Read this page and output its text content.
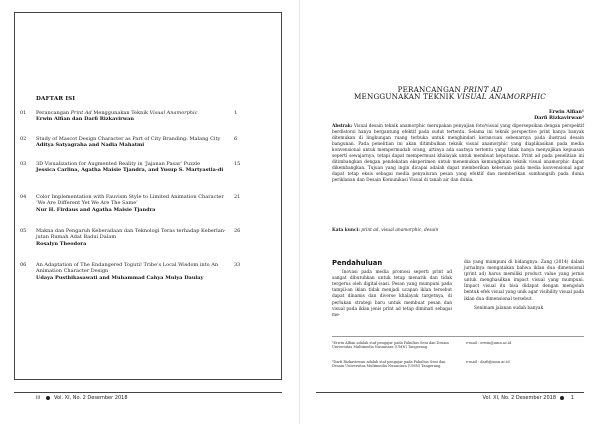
DAFTAR ISI
01	Perancangan Print Ad Menggunakan Teknik Visual Anamorphic
Erwin Alfian dan Darfi Rizkavirwan
1
02	Study of Mascot Design Character as Part of City Branding: Malang City
Aditya Satyagraha and Nadia Mahatmi
6
03	3D Visualization for Augmented Reality in ‘Jajanan Pasar’ Puzzle
Jessica Carlina, Agatha Maisie Tjandra, and Yusup S. Martyastia-di
15
04	Color Implementation with Fauvism Style to Limited Animation Character ‘We Are Different Yet We Are The Same’
Nur H. Firdaus and Agatha Maisie Tjandra
21
05	Makna dan Pengaruh Keberadaan dan Teknologi Teras terhadap Keberlan-jutan Rumah Adat Badui Dalam
Rosalyn Theodora
26
06	An Adaptation of The Endangered Toguti! Tribe’s Local Wisdom into An Animation Character Design
Udaya Pusthikasawati and Muhammad Cahya Mulya Daulay
33
iii	Vol. XI, No. 2 Desember 2018
PERANCANGAN PRINT AD
MENGGUNAKAN TEKNIK VISUAL ANAMORPHIC
Erwin Alfian¹
Darfi Rizkavirwan²
Abstrak: Visual desain teknik anamorphic merupakan penyajian foto/visual yang dipersepsikan dengan perspektif berdistorsi hanya bergantung efektif pada sudut tertentu. Selama ini teknik perspective print hanya banyak ditemukan di lingkungan ruang terbuka untuk menghindari kerancuan sebenarnya pada ilustrasi desain bangunan. Pada penelitian ini akan ditimbulkan teknik visual anamorphic yang diaplikasikan pada media konvensional untuk mempermudah orang, artinya ada saatnya tertentu yang tidak hanya menyajikan kepuasan seperti sewajarnya, tetapi dapat mempermuat khalayak untuk membuat keputusan. Print ad pada penelitian ini ditimbangkan dengan pendekatan eksperimen untuk menemukan kemungkinan teknik visual anamorphic dapat dikembangkan. Tujuan yang ingin dicapai adalah dapat memberikan keberaan pada media konvensional agar dapat tetap eksis sebagai media penyaluran pesan yang efektif dan memberikan sumbangsih pada dunia periklanan dan Desain Komunikasi Visual di tanah air dan dunia.
Kata kunci: print ad, visual anamorphic, desain
Pendahuluan

Inovasi pada media promosi seperti print ad sangat dibutuhkan untuk tetap menarik dan tidak tergerus oleh digital-isasi. Pesan yang mumpuni pada tampil-an iklan tidak menjadi ucapan iklan tersebut dapat dinamis dan diverse khalayak targetnya, di perlukan strategi baru untuk membuat pesan dan visual pada iklan jenis print ad tetap diminati sebagai me-

dia yang mumpuni di bidangnya. Zang (2014) dalam jurnalnya mengatakan bahwa iklan dua dimensional (print ad) harus memiliki product value yang jernis untuk menghasilkan impact visual yang mumpuni. Impact visual itu bisa didapat dengan mengolah bentuk efek visual yang unik agar visibility visual pada iklan dua dimensional tersebut.

Senimam jalanan sudah banyak

¹Erwin Alfian adalah staf pengajar pada Fakultas Seni dan Desain Universitas Multimedia Nusantara (UMN) Tangerang.
e-mail : erwin@umn.ac.id
²Darfi Rizkavirwan adalah staf pengajar pada Fakultas Seni dan Desain Universitas Multimedia Nusantara (UMN) Tangerang.
e-mail : darfi@umn.ac.id
Vol. XI, No. 2 Desember 2018	1
